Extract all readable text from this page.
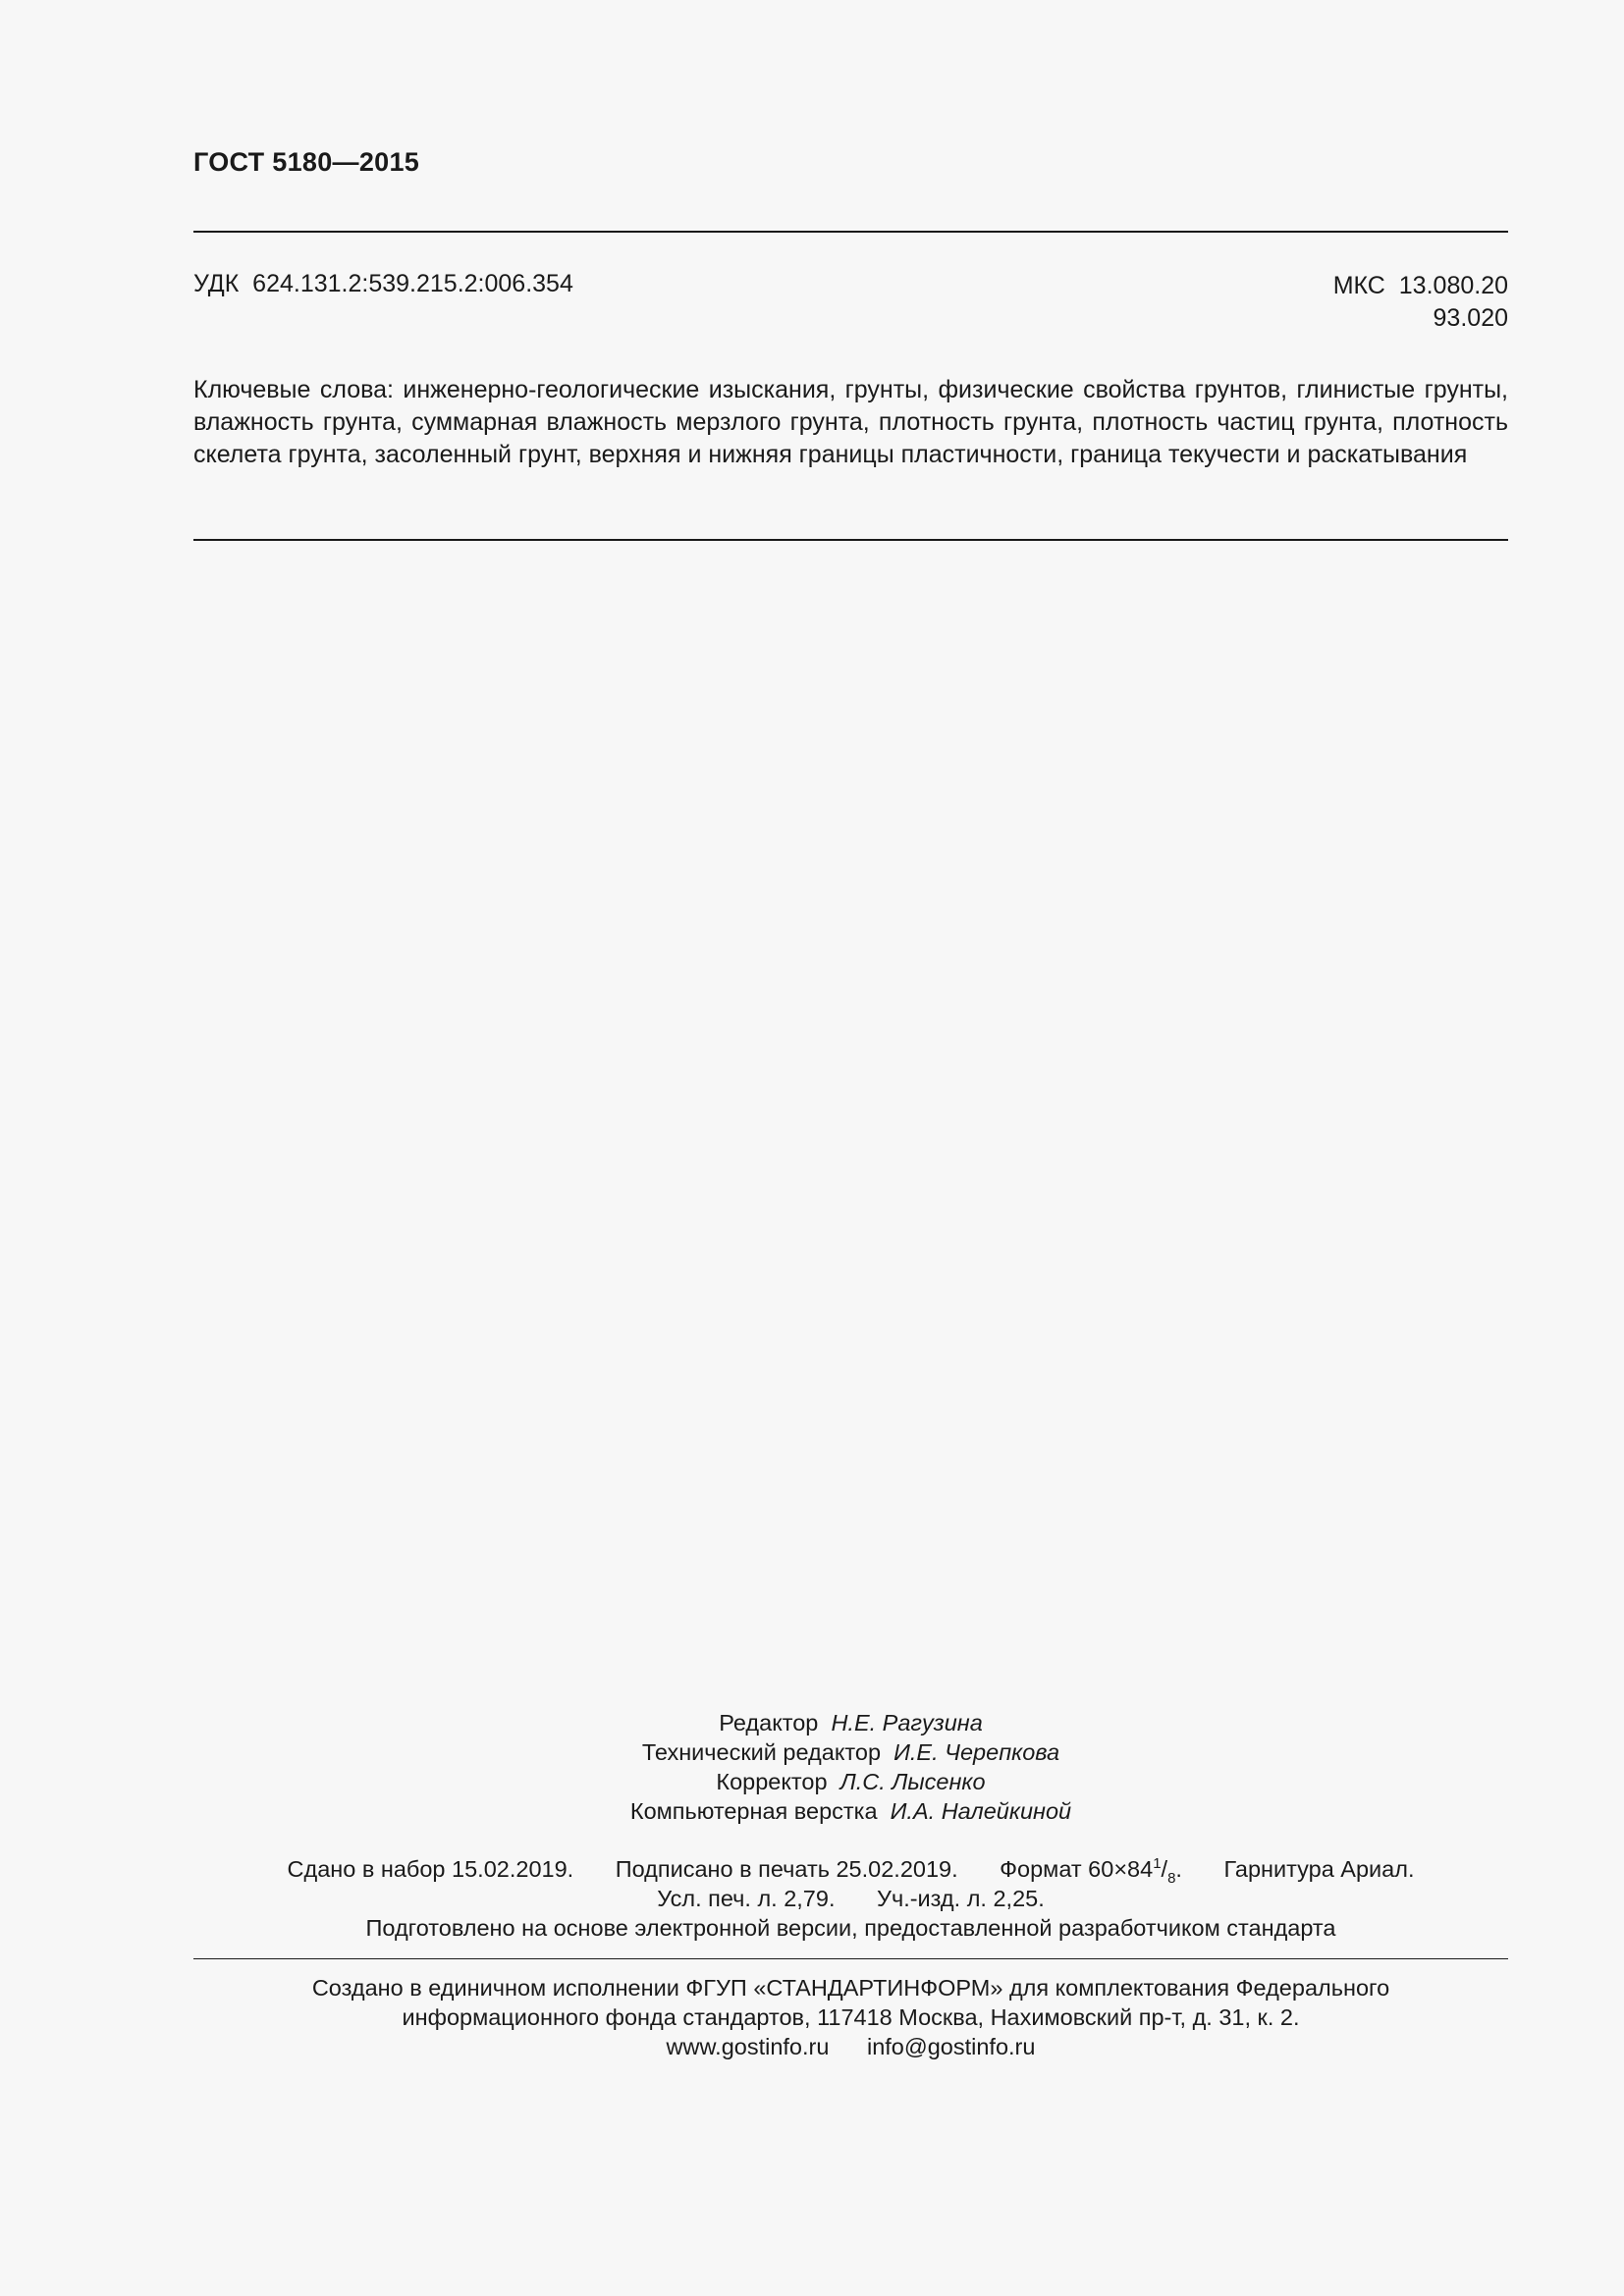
ГОСТ 5180—2015
УДК 624.131.2:539.215.2:006.354	МКС 13.080.20
93.020
Ключевые слова: инженерно-геологические изыскания, грунты, физические свойства грунтов, глинистые грунты, влажность грунта, суммарная влажность мерзлого грунта, плотность грунта, плотность частиц грунта, плотность скелета грунта, засоленный грунт, верхняя и нижняя границы пластичности, граница текучести и раскатывания
Редактор Н.Е. Рагузина
Технический редактор И.Е. Черепкова
Корректор Л.С. Лысенко
Компьютерная верстка И.А. Налейкиной
Сдано в набор 15.02.2019. Подписано в печать 25.02.2019. Формат $60\times 84^1/_8$. Гарнитура Ариал.
Усл. печ. л. 2,79. Уч.-изд. л. 2,25.
Подготовлено на основе электронной версии, предоставленной разработчиком стандарта
Создано в единичном исполнении ФГУП «СТАНДАРТИНФОРМ» для комплектования Федерального
информационного фонда стандартов, 117418 Москва, Нахимовский пр-т, д. 31, к. 2.
www.gostinfo.ru info@gostinfo.ru
